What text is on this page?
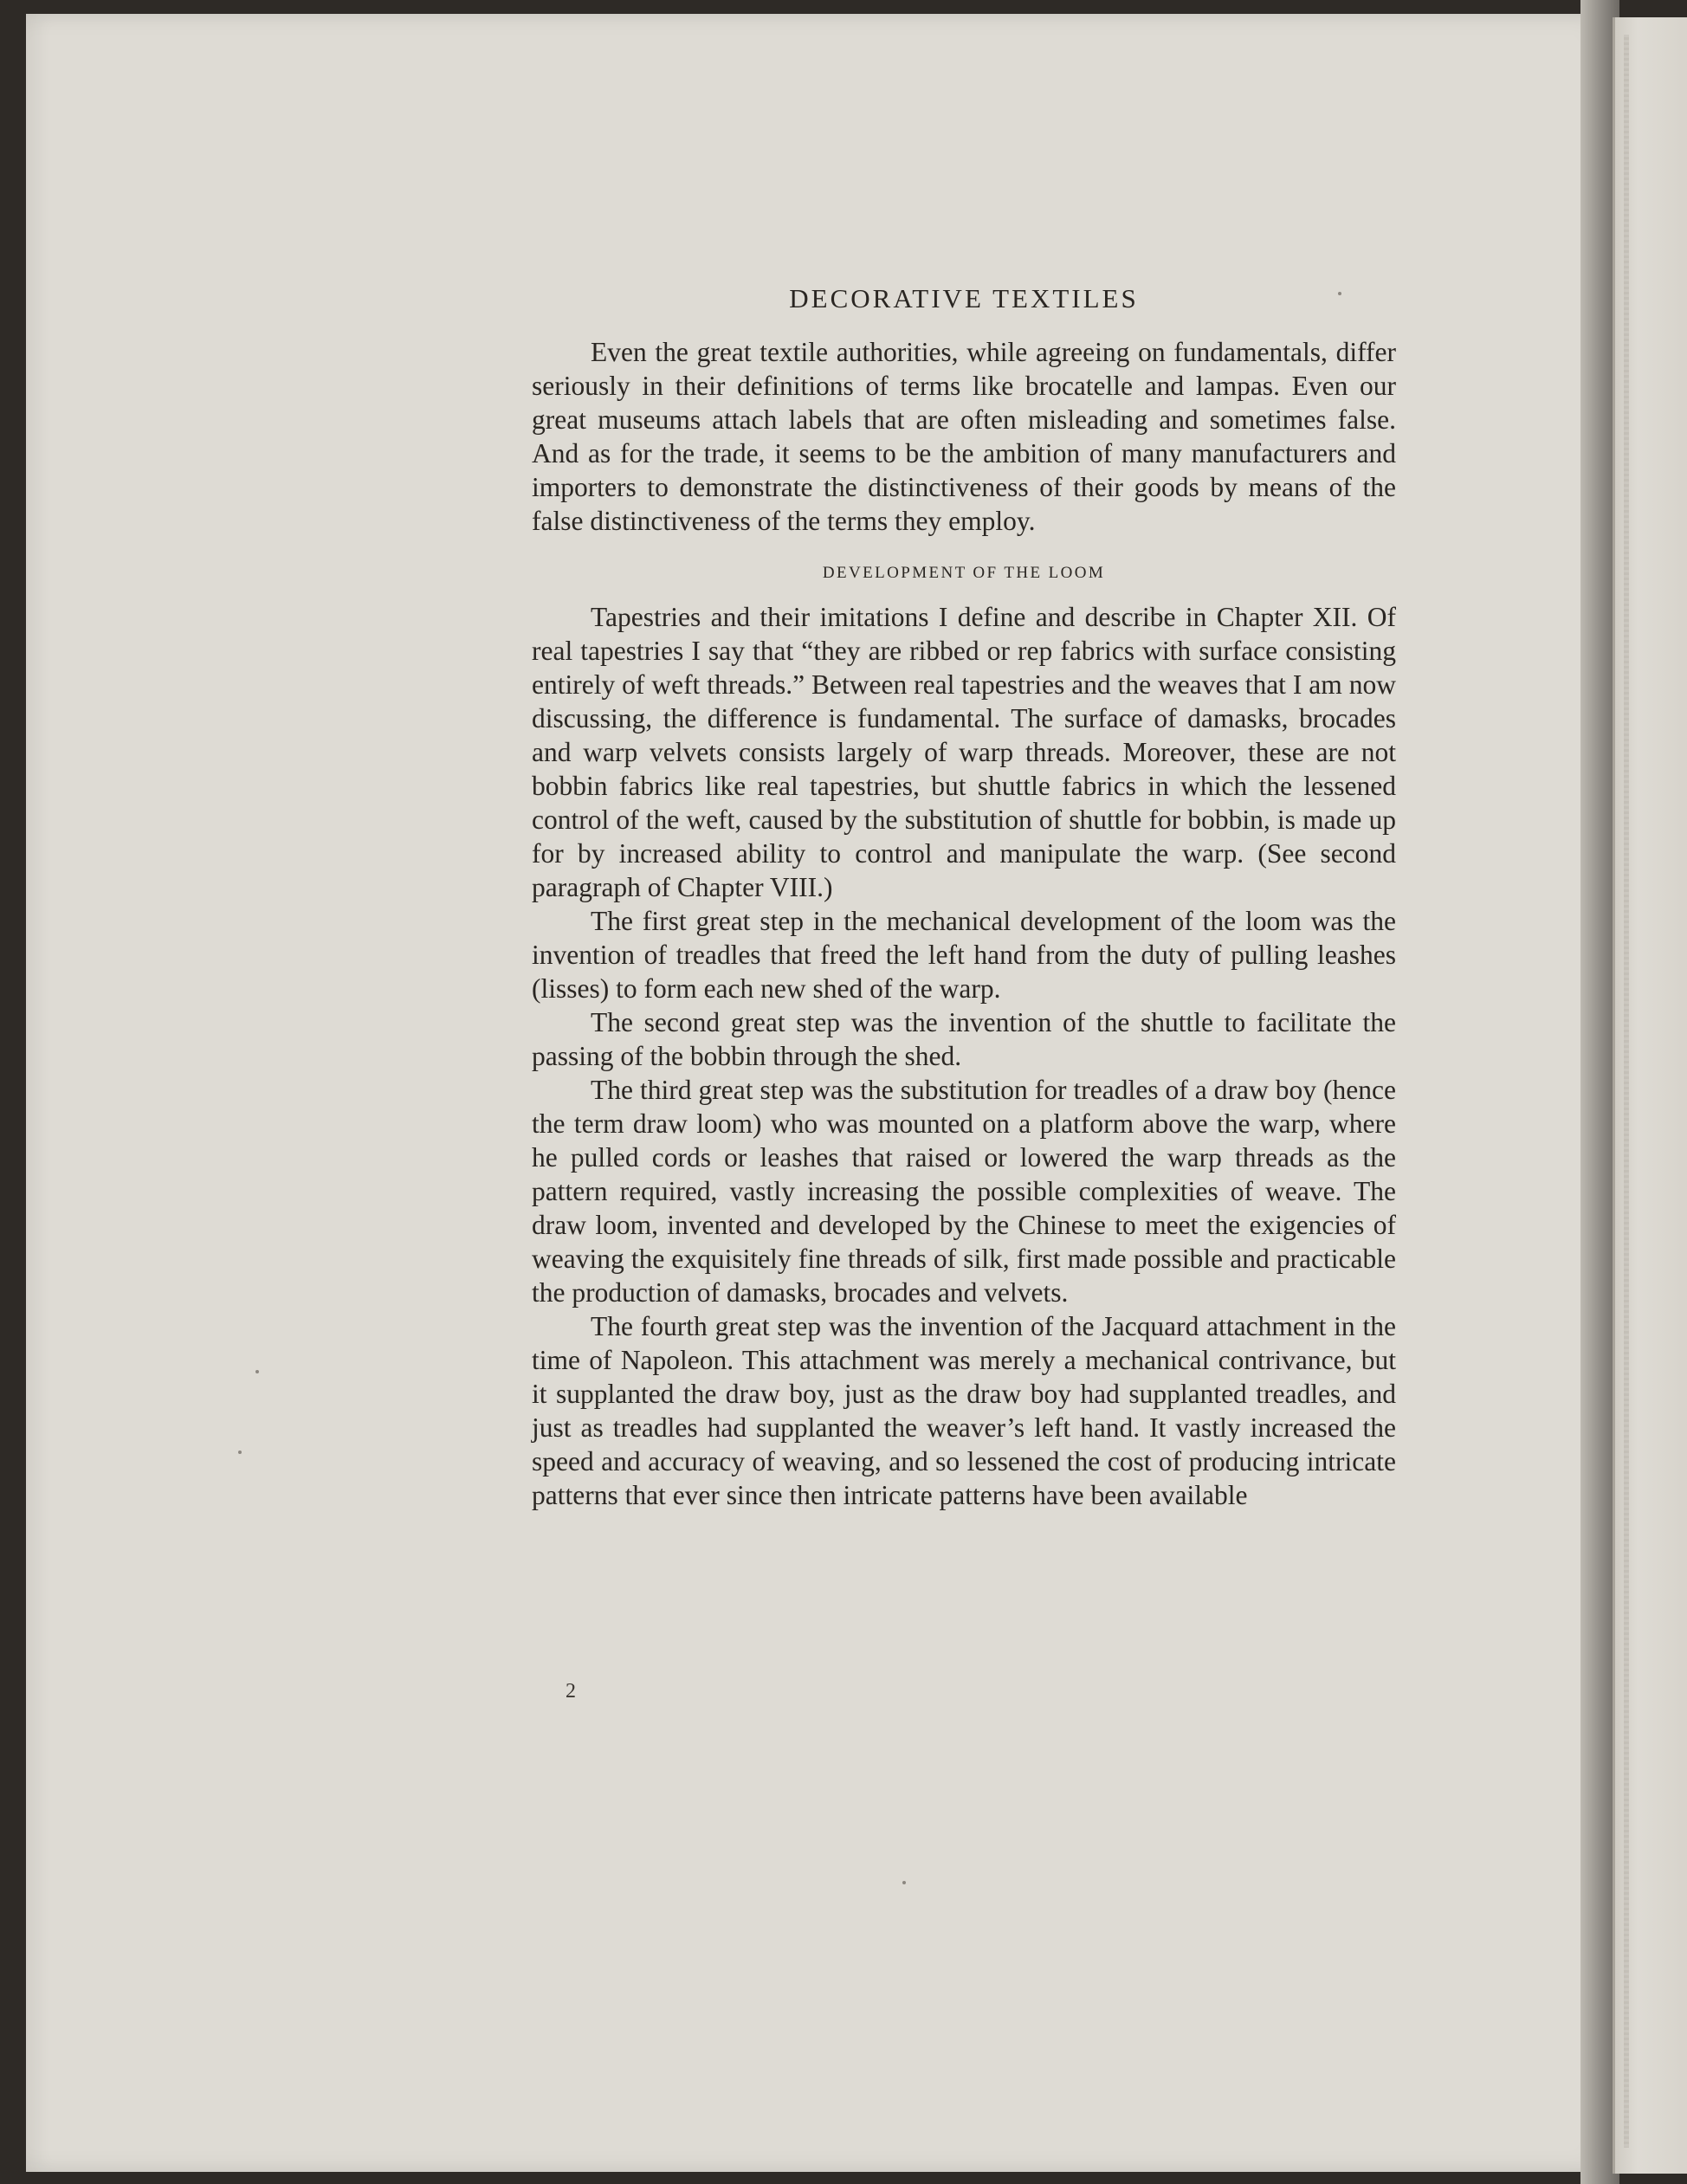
DECORATIVE TEXTILES

Even the great textile authorities, while agreeing on fundamentals, differ seriously in their definitions of terms like brocatelle and lampas. Even our great museums attach labels that are often misleading and sometimes false. And as for the trade, it seems to be the ambition of many manufacturers and importers to demonstrate the distinctiveness of their goods by means of the false distinctiveness of the terms they employ.

DEVELOPMENT OF THE LOOM

Tapestries and their imitations I define and describe in Chapter XII. Of real tapestries I say that “they are ribbed or rep fabrics with surface consisting entirely of weft threads.” Between real tapestries and the weaves that I am now discussing, the difference is fundamental. The surface of damasks, brocades and warp velvets consists largely of warp threads. Moreover, these are not bobbin fabrics like real tapestries, but shuttle fabrics in which the lessened control of the weft, caused by the substitution of shuttle for bobbin, is made up for by increased ability to control and manipulate the warp. (See second paragraph of Chapter VIII.)

The first great step in the mechanical development of the loom was the invention of treadles that freed the left hand from the duty of pulling leashes (lisses) to form each new shed of the warp.

The second great step was the invention of the shuttle to facilitate the passing of the bobbin through the shed.

The third great step was the substitution for treadles of a draw boy (hence the term draw loom) who was mounted on a platform above the warp, where he pulled cords or leashes that raised or lowered the warp threads as the pattern required, vastly increasing the possible complexities of weave. The draw loom, invented and developed by the Chinese to meet the exigencies of weaving the exquisitely fine threads of silk, first made possible and practicable the production of damasks, brocades and velvets.

The fourth great step was the invention of the Jacquard attachment in the time of Napoleon. This attachment was merely a mechanical contrivance, but it supplanted the draw boy, just as the draw boy had supplanted treadles, and just as treadles had supplanted the weaver’s left hand. It vastly increased the speed and accuracy of weaving, and so lessened the cost of producing intricate patterns that ever since then intricate patterns have been available

2
